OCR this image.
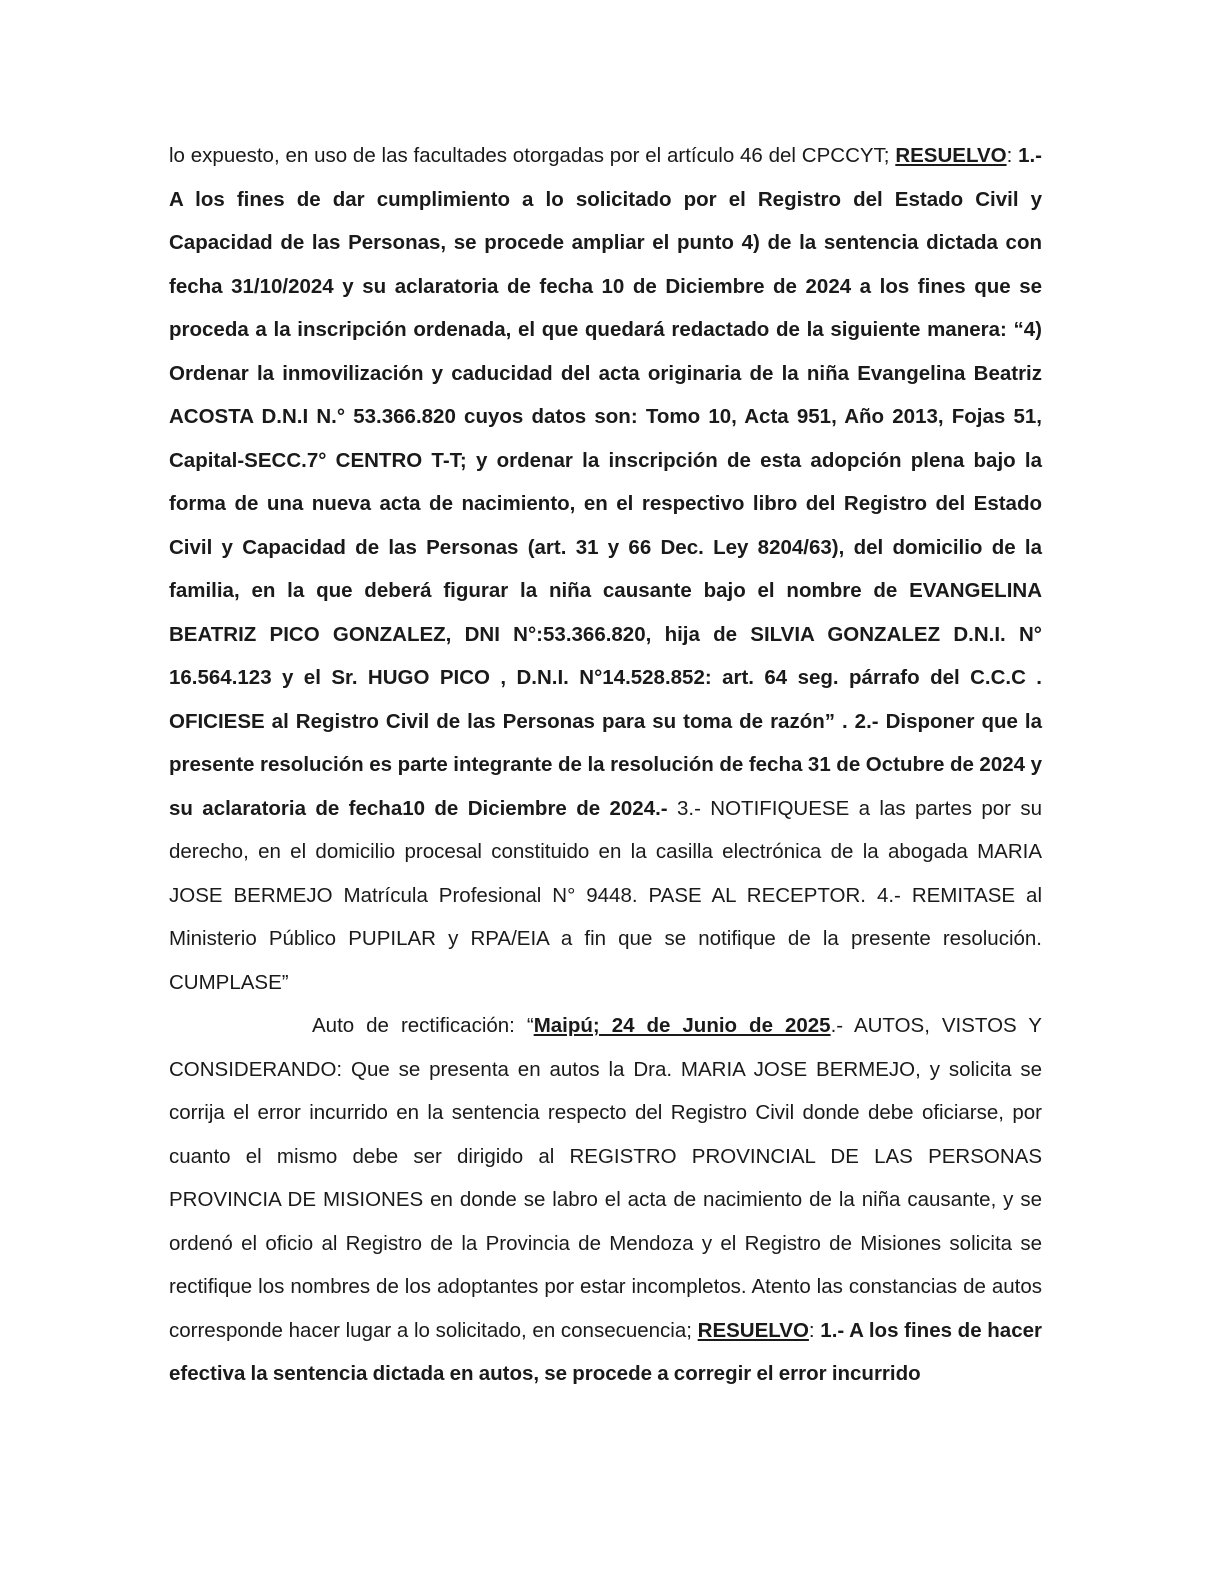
lo expuesto, en uso de las facultades otorgadas por el artículo 46 del CPCCYT; RESUELVO: 1.- A los fines de dar cumplimiento a lo solicitado por el Registro del Estado Civil y Capacidad de las Personas, se procede ampliar el punto 4) de la sentencia dictada con fecha 31/10/2024 y su aclaratoria de fecha 10 de Diciembre de 2024 a los fines que se proceda a la inscripción ordenada, el que quedará redactado de la siguiente manera: “4) Ordenar la inmovilización y caducidad del acta originaria de la niña Evangelina Beatriz ACOSTA D.N.I N.° 53.366.820 cuyos datos son: Tomo 10, Acta 951, Año 2013, Fojas 51, Capital-SECC.7° CENTRO T-T; y ordenar la inscripción de esta adopción plena bajo la forma de una nueva acta de nacimiento, en el respectivo libro del Registro del Estado Civil y Capacidad de las Personas (art. 31 y 66 Dec. Ley 8204/63), del domicilio de la familia, en la que deberá figurar la niña causante bajo el nombre de EVANGELINA BEATRIZ PICO GONZALEZ, DNI N°:53.366.820, hija de SILVIA GONZALEZ D.N.I. N° 16.564.123 y el Sr. HUGO PICO , D.N.I. N°14.528.852: art. 64 seg. párrafo del C.C.C . OFICIESE al Registro Civil de las Personas para su toma de razón” . 2.- Disponer que la presente resolución es parte integrante de la resolución de fecha 31 de Octubre de 2024 y su aclaratoria de fecha10 de Diciembre de 2024.- 3.- NOTIFIQUESE a las partes por su derecho, en el domicilio procesal constituido en la casilla electrónica de la abogada MARIA JOSE BERMEJO Matrícula Profesional N° 9448. PASE AL RECEPTOR. 4.- REMITASE al Ministerio Público PUPILAR y RPA/EIA a fin que se notifique de la presente resolución. CUMPLASE”

Auto de rectificación: “Maipú; 24 de Junio de 2025.- AUTOS, VISTOS Y CONSIDERANDO: Que se presenta en autos la Dra. MARIA JOSE BERMEJO, y solicita se corrija el error incurrido en la sentencia respecto del Registro Civil donde debe oficiarse, por cuanto el mismo debe ser dirigido al REGISTRO PROVINCIAL DE LAS PERSONAS PROVINCIA DE MISIONES en donde se labro el acta de nacimiento de la niña causante, y se ordenó el oficio al Registro de la Provincia de Mendoza y el Registro de Misiones solicita se rectifique los nombres de los adoptantes por estar incompletos. Atento las constancias de autos corresponde hacer lugar a lo solicitado, en consecuencia; RESUELVO: 1.- A los fines de hacer efectiva la sentencia dictada en autos, se procede a corregir el error incurrido
